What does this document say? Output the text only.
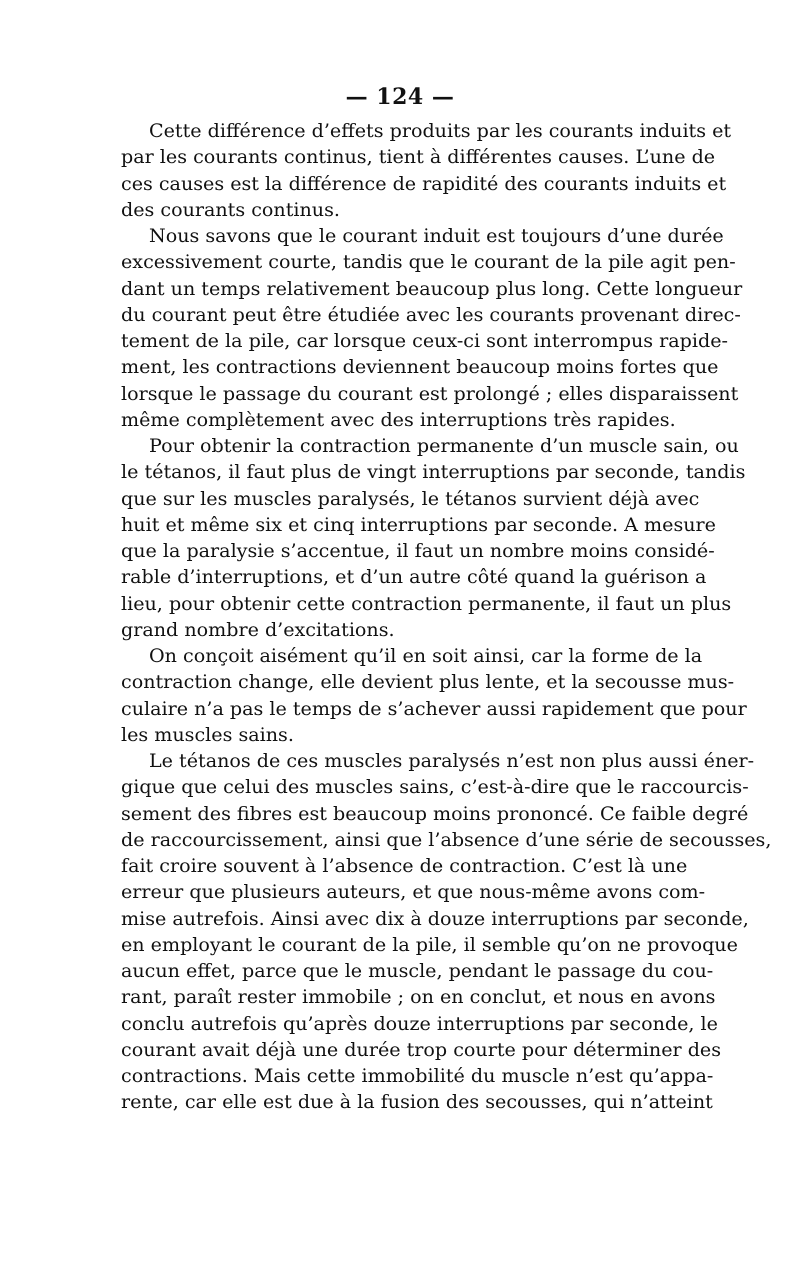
— 124 —
Cette différence d’effets produits par les courants induits et
par les courants continus, tient à différentes causes. L’une de
ces causes est la différence de rapidité des courants induits et
des courants continus.
Nous savons que le courant induit est toujours d’une durée
excessivement courte, tandis que le courant de la pile agit pen-
dant un temps relativement beaucoup plus long. Cette longueur
du courant peut être étudiée avec les courants provenant direc-
tement de la pile, car lorsque ceux-ci sont interrompus rapide-
ment, les contractions deviennent beaucoup moins fortes que
lorsque le passage du courant est prolongé ; elles disparaissent
même complètement avec des interruptions très rapides.
Pour obtenir la contraction permanente d’un muscle sain, ou
le tétanos, il faut plus de vingt interruptions par seconde, tandis
que sur les muscles paralysés, le tétanos survient déjà avec
huit et même six et cinq interruptions par seconde. A mesure
que la paralysie s’accentue, il faut un nombre moins considé-
rable d’interruptions, et d’un autre côté quand la guérison a
lieu, pour obtenir cette contraction permanente, il faut un plus
grand nombre d’excitations.
On conçoit aisément qu’il en soit ainsi, car la forme de la
contraction change, elle devient plus lente, et la secousse mus-
culaire n’a pas le temps de s’achever aussi rapidement que pour
les muscles sains.
Le tétanos de ces muscles paralysés n’est non plus aussi éner-
gique que celui des muscles sains, c’est-à-dire que le raccourcis-
sement des fibres est beaucoup moins prononcé. Ce faible degré
de raccourcissement, ainsi que l’absence d’une série de secousses,
fait croire souvent à l’absence de contraction. C’est là une
erreur que plusieurs auteurs, et que nous-même avons com-
mise autrefois. Ainsi avec dix à douze interruptions par seconde,
en employant le courant de la pile, il semble qu’on ne provoque
aucun effet, parce que le muscle, pendant le passage du cou-
rant, paraît rester immobile ; on en conclut, et nous en avons
conclu autrefois qu’après douze interruptions par seconde, le
courant avait déjà une durée trop courte pour déterminer des
contractions. Mais cette immobilité du muscle n’est qu’appa-
rente, car elle est due à la fusion des secousses, qui n’atteint
